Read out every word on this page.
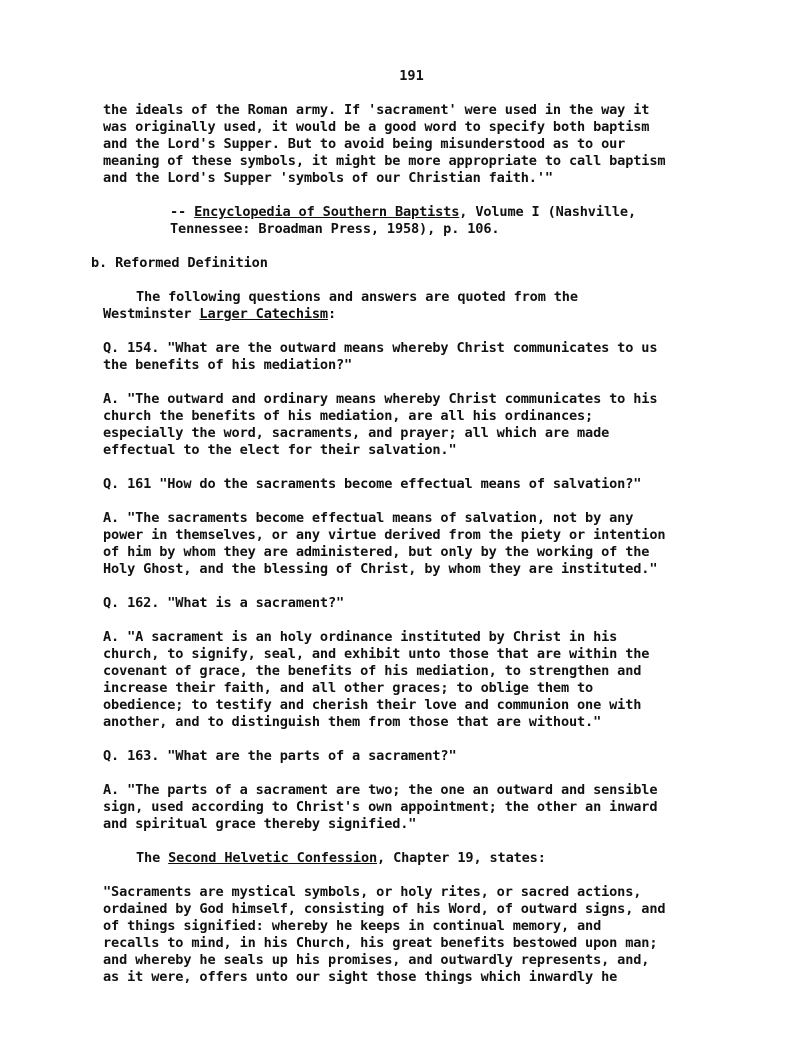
191

the ideals of the Roman army. If 'sacrament' were used in the way it
was originally used, it would be a good word to specify both baptism
and the Lord's Supper. But to avoid being misunderstood as to our
meaning of these symbols, it might be more appropriate to call baptism
and the Lord's Supper 'symbols of our Christian faith.'"

-- Encyclopedia of Southern Baptists, Volume I (Nashville,
Tennessee: Broadman Press, 1958), p. 106.

b. Reformed Definition

The following questions and answers are quoted from the
Westminster Larger Catechism:

Q. 154. "What are the outward means whereby Christ communicates to us
the benefits of his mediation?"

A. "The outward and ordinary means whereby Christ communicates to his
church the benefits of his mediation, are all his ordinances;
especially the word, sacraments, and prayer; all which are made
effectual to the elect for their salvation."

Q. 161 "How do the sacraments become effectual means of salvation?"

A. "The sacraments become effectual means of salvation, not by any
power in themselves, or any virtue derived from the piety or intention
of him by whom they are administered, but only by the working of the
Holy Ghost, and the blessing of Christ, by whom they are instituted."

Q. 162. "What is a sacrament?"

A. "A sacrament is an holy ordinance instituted by Christ in his
church, to signify, seal, and exhibit unto those that are within the
covenant of grace, the benefits of his mediation, to strengthen and
increase their faith, and all other graces; to oblige them to
obedience; to testify and cherish their love and communion one with
another, and to distinguish them from those that are without."

Q. 163. "What are the parts of a sacrament?"

A. "The parts of a sacrament are two; the one an outward and sensible
sign, used according to Christ's own appointment; the other an inward
and spiritual grace thereby signified."

The Second Helvetic Confession, Chapter 19, states:

"Sacraments are mystical symbols, or holy rites, or sacred actions,
ordained by God himself, consisting of his Word, of outward signs, and
of things signified: whereby he keeps in continual memory, and
recalls to mind, in his Church, his great benefits bestowed upon man;
and whereby he seals up his promises, and outwardly represents, and,
as it were, offers unto our sight those things which inwardly he
